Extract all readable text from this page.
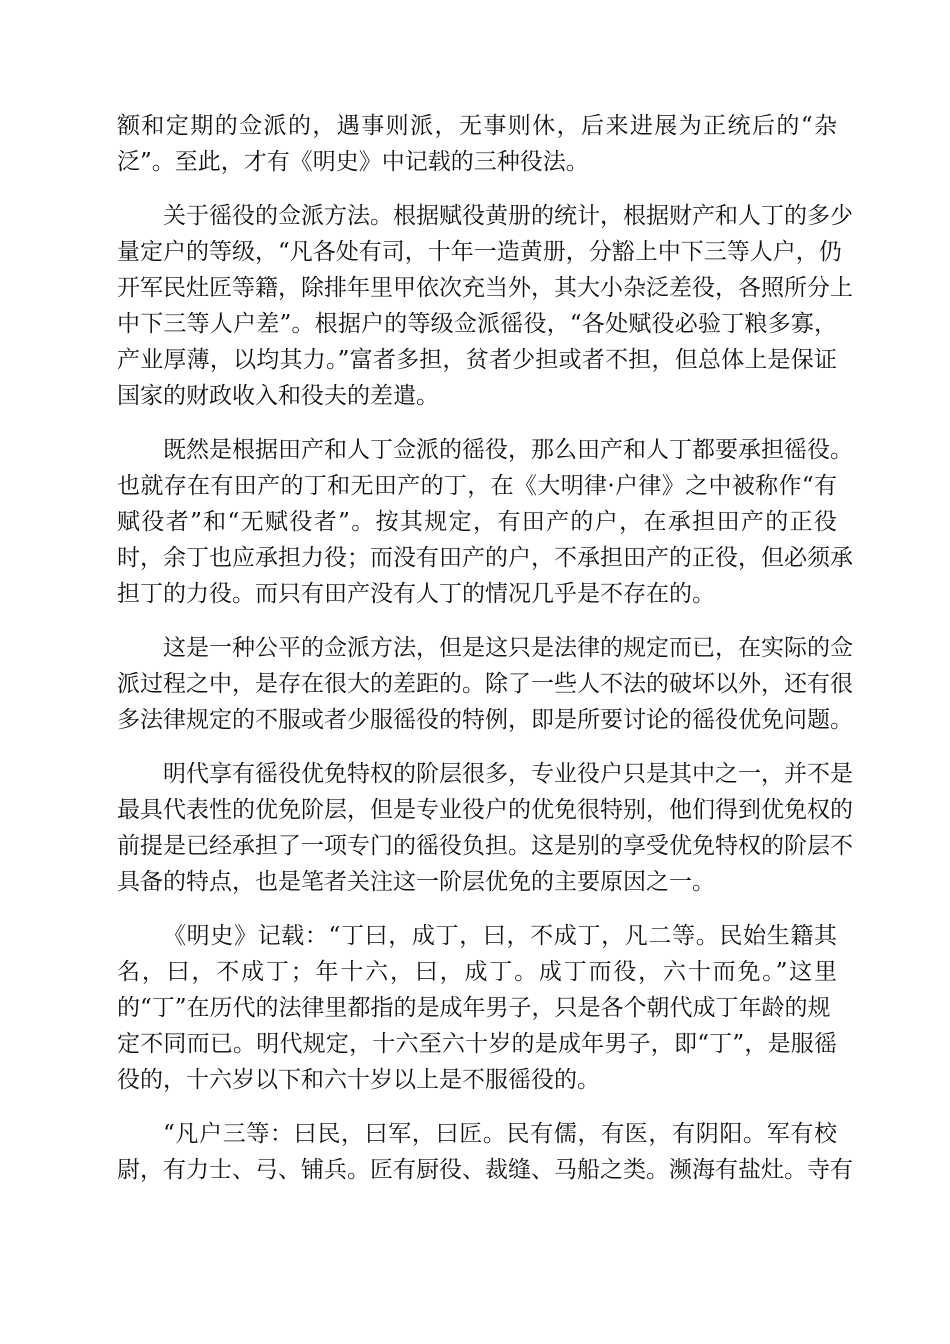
额和定期的佥派的，遇事则派，无事则休，后来进展为正统后的“杂
泛”。至此，才有《明史》中记载的三种役法。
关于徭役的佥派方法。根据赋役黄册的统计，根据财产和人丁的多少
量定户的等级，“凡各处有司，十年一造黄册，分豁上中下三等人户，仍
开军民灶匠等籍，除排年里甲依次充当外，其大小杂泛差役，各照所分上
中下三等人户差”。根据户的等级佥派徭役，“各处赋役必验丁粮多寡，
产业厚薄，以均其力。”富者多担，贫者少担或者不担，但总体上是保证
国家的财政收入和役夫的差遣。
既然是根据田产和人丁佥派的徭役，那么田产和人丁都要承担徭役。
也就存在有田产的丁和无田产的丁，在《大明律·户律》之中被称作“有
赋役者”和“无赋役者”。按其规定，有田产的户，在承担田产的正役
时，余丁也应承担力役；而没有田产的户，不承担田产的正役，但必须承
担丁的力役。而只有田产没有人丁的情况几乎是不存在的。
这是一种公平的佥派方法，但是这只是法律的规定而已，在实际的佥
派过程之中，是存在很大的差距的。除了一些人不法的破坏以外，还有很
多法律规定的不服或者少服徭役的特例，即是所要讨论的徭役优免问题。
明代享有徭役优免特权的阶层很多，专业役户只是其中之一，并不是
最具代表性的优免阶层，但是专业役户的优免很特别，他们得到优免权的
前提是已经承担了一项专门的徭役负担。这是别的享受优免特权的阶层不
具备的特点，也是笔者关注这一阶层优免的主要原因之一。
《明史》记载：“丁曰，成丁，曰，不成丁，凡二等。民始生籍其
名，曰，不成丁；年十六，曰，成丁。成丁而役，六十而免。”这里
的“丁”在历代的法律里都指的是成年男子，只是各个朝代成丁年龄的规
定不同而已。明代规定，十六至六十岁的是成年男子，即“丁”，是服徭
役的，十六岁以下和六十岁以上是不服徭役的。
“凡户三等：曰民，曰军，曰匠。民有儒，有医，有阴阳。军有校
尉，有力士、弓、铺兵。匠有厨役、裁缝、马船之类。濒海有盐灶。寺有
